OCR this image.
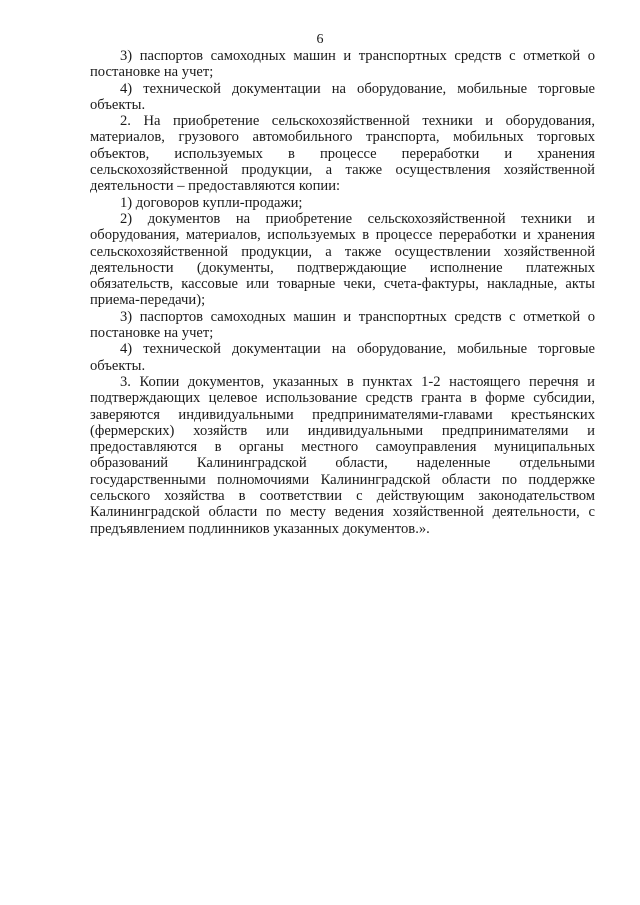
6

3) паспортов самоходных машин и транспортных средств с отметкой о постановке на учет;

4) технической документации на оборудование, мобильные торговые объекты.

2. На приобретение сельскохозяйственной техники и оборудования, материалов, грузового автомобильного транспорта, мобильных торговых объектов, используемых в процессе переработки и хранения сельскохозяйственной продукции, а также осуществления хозяйственной деятельности – предоставляются копии:

1) договоров купли-продажи;

2) документов на приобретение сельскохозяйственной техники и оборудования, материалов, используемых в процессе переработки и хранения сельскохозяйственной продукции, а также осуществлении хозяйственной деятельности (документы, подтверждающие исполнение платежных обязательств, кассовые или товарные чеки, счета-фактуры, накладные, акты приема-передачи);

3) паспортов самоходных машин и транспортных средств с отметкой о постановке на учет;

4) технической документации на оборудование, мобильные торговые объекты.

3. Копии документов, указанных в пунктах 1-2 настоящего перечня и подтверждающих целевое использование средств гранта в форме субсидии, заверяются индивидуальными предпринимателями-главами крестьянских (фермерских) хозяйств или индивидуальными предпринимателями и предоставляются в органы местного самоуправления муниципальных образований Калининградской области, наделенные отдельными государственными полномочиями Калининградской области по поддержке сельского хозяйства в соответствии с действующим законодательством Калининградской области по месту ведения хозяйственной деятельности, с предъявлением подлинников указанных документов.».
